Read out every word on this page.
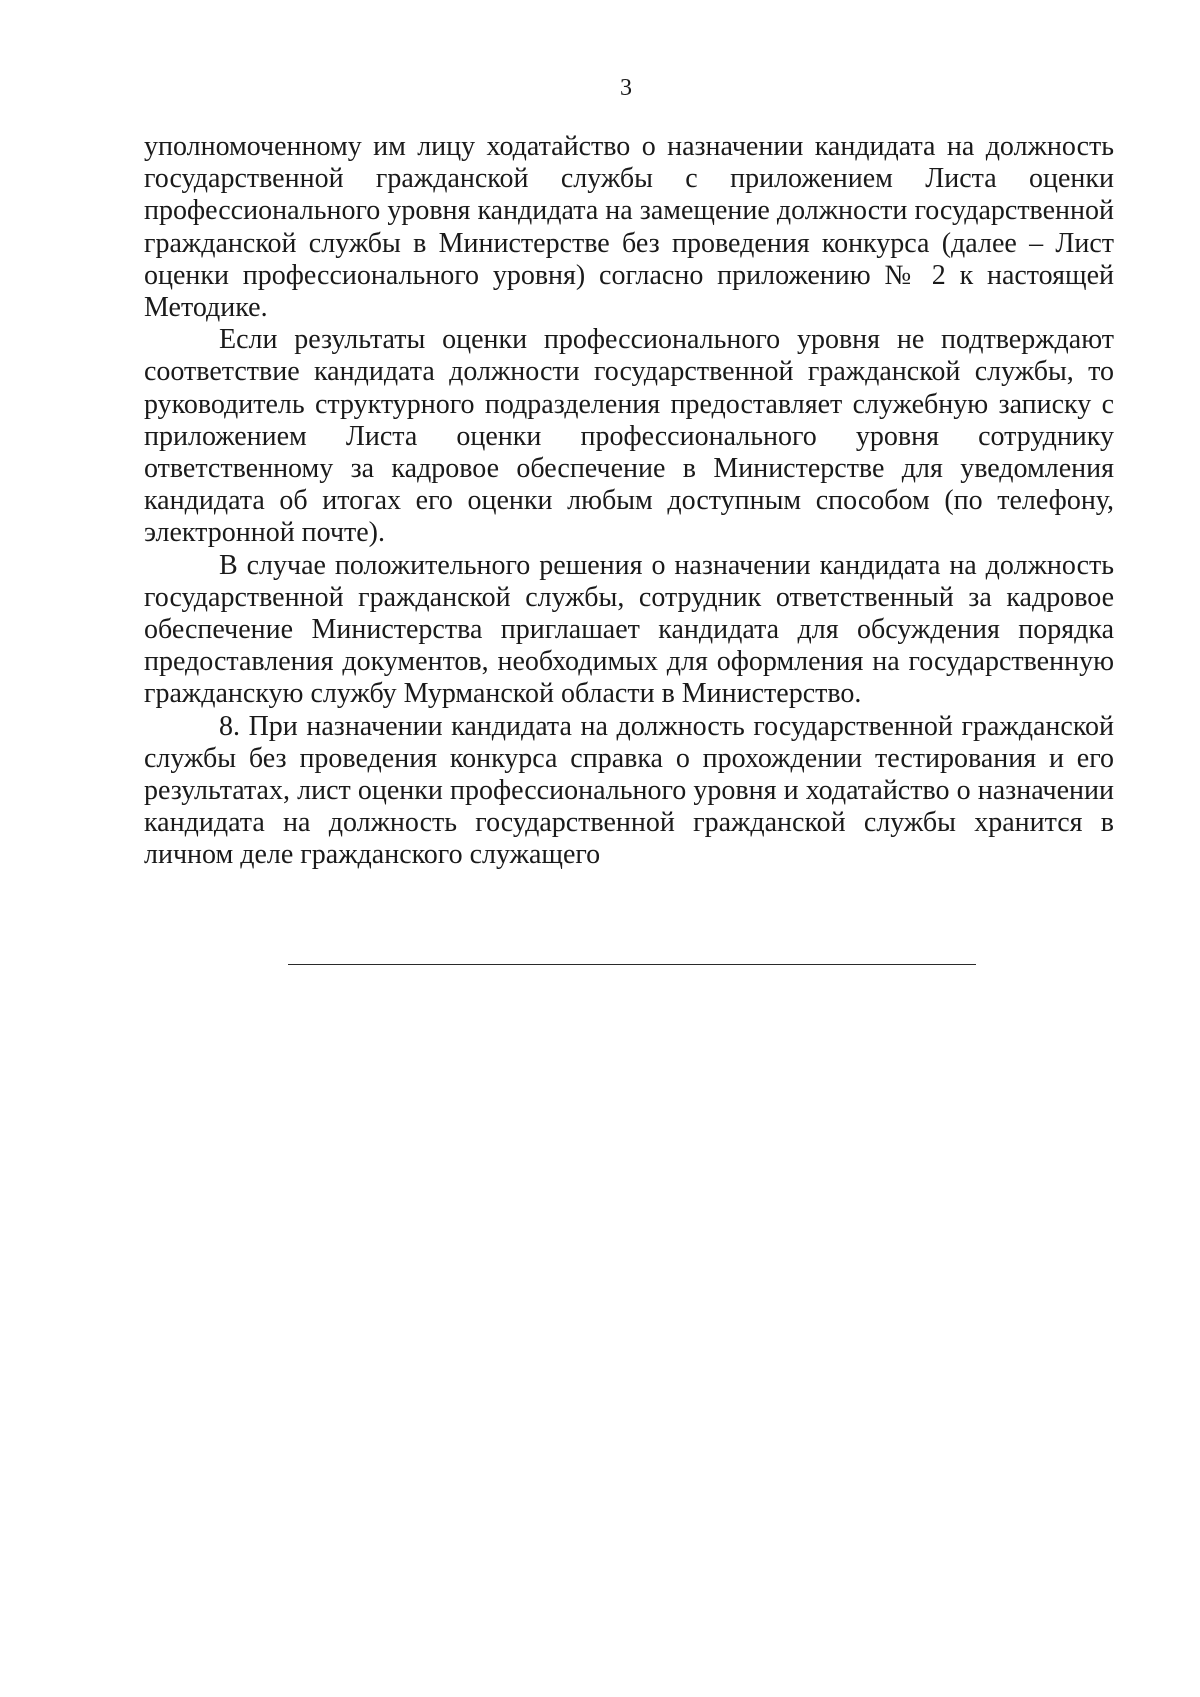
3

уполномоченному им лицу ходатайство о назначении кандидата на должность государственной гражданской службы с приложением Листа оценки профессионального уровня кандидата на замещение должности государственной гражданской службы в Министерстве без проведения конкурса (далее – Лист оценки профессионального уровня) согласно приложению № 2 к настоящей Методике.

Если результаты оценки профессионального уровня не подтверждают соответствие кандидата должности государственной гражданской службы, то руководитель структурного подразделения предоставляет служебную записку с приложением Листа оценки профессионального уровня сотруднику ответственному за кадровое обеспечение в Министерстве для уведомления кандидата об итогах его оценки любым доступным способом (по телефону, электронной почте).

В случае положительного решения о назначении кандидата на должность государственной гражданской службы, сотрудник ответственный за кадровое обеспечение Министерства приглашает кандидата для обсуждения порядка предоставления документов, необходимых для оформления на государственную гражданскую службу Мурманской области в Министерство.

8. При назначении кандидата на должность государственной гражданской службы без проведения конкурса справка о прохождении тестирования и его результатах, лист оценки профессионального уровня и ходатайство о назначении кандидата на должность государственной гражданской службы хранится в личном деле гражданского служащего
